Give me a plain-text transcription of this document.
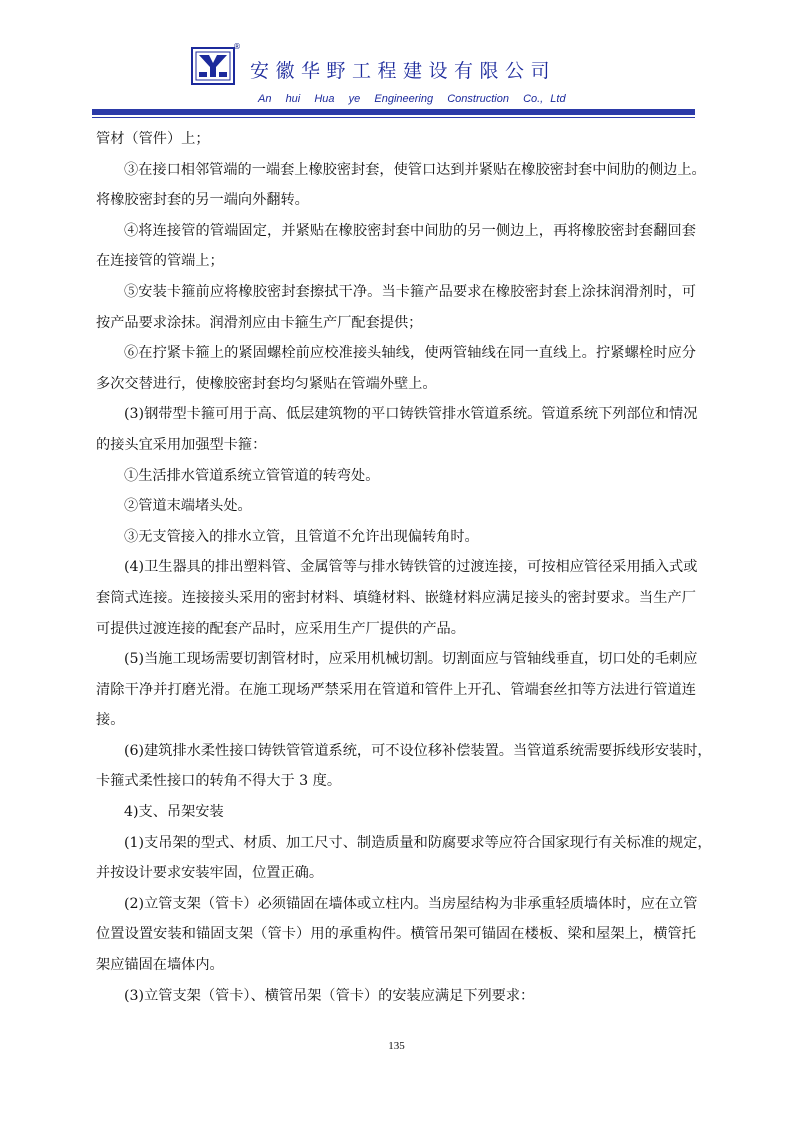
®
安徽华野工程建设有限公司
An  hui  Hua  ye  Engineering  Construction  Co., Ltd
管材（管件）上；
③在接口相邻管端的一端套上橡胶密封套，使管口达到并紧贴在橡胶密封套中间肋的侧边上。
将橡胶密封套的另一端向外翻转。
④将连接管的管端固定，并紧贴在橡胶密封套中间肋的另一侧边上，再将橡胶密封套翻回套
在连接管的管端上；
⑤安装卡箍前应将橡胶密封套擦拭干净。当卡箍产品要求在橡胶密封套上涂抹润滑剂时，可
按产品要求涂抹。润滑剂应由卡箍生产厂配套提供；
⑥在拧紧卡箍上的紧固螺栓前应校准接头轴线，使两管轴线在同一直线上。拧紧螺栓时应分
多次交替进行，使橡胶密封套均匀紧贴在管端外壁上。
(3)钢带型卡箍可用于高、低层建筑物的平口铸铁管排水管道系统。管道系统下列部位和情况
的接头宜采用加强型卡箍：
①生活排水管道系统立管管道的转弯处。
②管道末端堵头处。
③无支管接入的排水立管，且管道不允许出现偏转角时。
(4)卫生器具的排出塑料管、金属管等与排水铸铁管的过渡连接，可按相应管径采用插入式或
套筒式连接。连接接头采用的密封材料、填缝材料、嵌缝材料应满足接头的密封要求。当生产厂
可提供过渡连接的配套产品时，应采用生产厂提供的产品。
(5)当施工现场需要切割管材时，应采用机械切割。切割面应与管轴线垂直，切口处的毛刺应
清除干净并打磨光滑。在施工现场严禁采用在管道和管件上开孔、管端套丝扣等方法进行管道连
接。
(6)建筑排水柔性接口铸铁管管道系统，可不设位移补偿装置。当管道系统需要拆线形安装时，
卡箍式柔性接口的转角不得大于 3 度。
4)支、吊架安装
(1)支吊架的型式、材质、加工尺寸、制造质量和防腐要求等应符合国家现行有关标准的规定，
并按设计要求安装牢固，位置正确。
(2)立管支架（管卡）必须锚固在墙体或立柱内。当房屋结构为非承重轻质墙体时，应在立管
位置设置安装和锚固支架（管卡）用的承重构件。横管吊架可锚固在楼板、梁和屋架上，横管托
架应锚固在墙体内。
(3)立管支架（管卡）、横管吊架（管卡）的安装应满足下列要求：
135
